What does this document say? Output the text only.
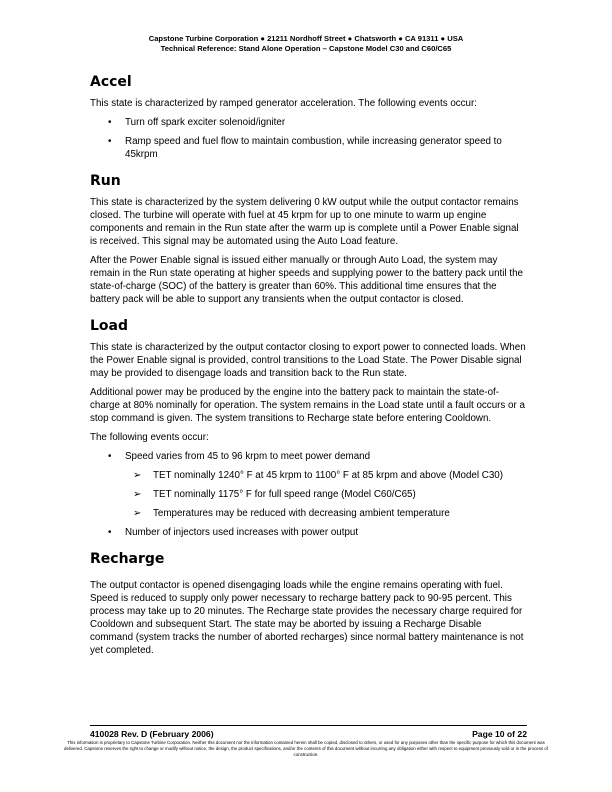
Capstone Turbine Corporation ● 21211 Nordhoff Street ● Chatsworth ● CA 91311 ● USA
Technical Reference: Stand Alone Operation – Capstone Model C30 and C60/C65
Accel

This state is characterized by ramped generator acceleration. The following events occur:

• Turn off spark exciter solenoid/igniter
• Ramp speed and fuel flow to maintain combustion, while increasing generator speed to 45krpm
Run

This state is characterized by the system delivering 0 kW output while the output contactor remains closed. The turbine will operate with fuel at 45 krpm for up to one minute to warm up engine components and remain in the Run state after the warm up is complete until a Power Enable signal is received. This signal may be automated using the Auto Load feature.

After the Power Enable signal is issued either manually or through Auto Load, the system may remain in the Run state operating at higher speeds and supplying power to the battery pack until the state-of-charge (SOC) of the battery is greater than 60%. This additional time ensures that the battery pack will be able to support any transients when the output contactor is closed.

Load

This state is characterized by the output contactor closing to export power to connected loads. When the Power Enable signal is provided, control transitions to the Load State. The Power Disable signal may be provided to disengage loads and transition back to the Run state.

Additional power may be produced by the engine into the battery pack to maintain the state-of-charge at 80% nominally for operation. The system remains in the Load state until a fault occurs or a stop command is given. The system transitions to Recharge state before entering Cooldown.

The following events occur:

• Speed varies from 45 to 96 krpm to meet power demand
➢ TET nominally 1240° F at 45 krpm to 1100° F at 85 krpm and above (Model C30)
➢ TET nominally 1175° F for full speed range (Model C60/C65)
➢ Temperatures may be reduced with decreasing ambient temperature
• Number of injectors used increases with power output
Recharge

The output contactor is opened disengaging loads while the engine remains operating with fuel. Speed is reduced to supply only power necessary to recharge battery pack to 90-95 percent. This process may take up to 20 minutes. The Recharge state provides the necessary charge required for Cooldown and subsequent Start. The state may be aborted by issuing a Recharge Disable command (system tracks the number of aborted recharges) since normal battery maintenance is not yet completed.

410028 Rev. D (February 2006)	Page 10 of 22
This information is proprietary to Capstone Turbine Corporation. Neither this document nor the information contained herein shall be copied, disclosed to others, or used for any purposes other than the specific purpose for which this document was delivered. Capstone reserves the right to change or modify without notice, the design, the product specifications, and/or the contents of this document without incurring any obligation either with respect to equipment previously sold or in the process of construction.
